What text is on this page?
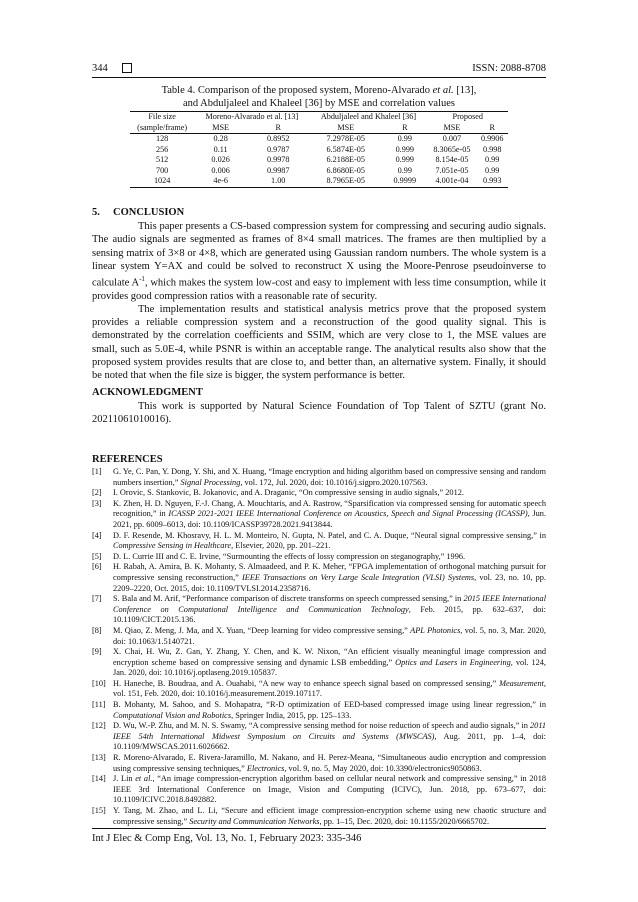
344	ISSN: 2088-8708

Table 4. Comparison of the proposed system, Moreno-Alvarado et al. [13],
and Abduljaleel and Khaleel [36] by MSE and correlation values

File size	Moreno-Alvarado et al. [13]		Abduljaleel and Khaleel [36]		Proposed	
(sample/frame)	MSE	R	MSE	R	MSE	R
128	0.28	0.8952	7.2978E-05	0.99	0.007	0.9906
256	0.11	0.9787	6.5874E-05	0.999	8.3065e-05	0.998
512	0.026	0.9978	6.2188E-05	0.999	8.154e-05	0.99
700	0.006	0.9987	6.8680E-05	0.99	7.051e-05	0.99
1024	4e-6	1.00	8.7965E-05	0.9999	4.001e-04	0.993
5.     CONCLUSION

This paper presents a CS-based compression system for compressing and securing audio signals. The audio signals are segmented as frames of 8×4 small matrices. The frames are then multiplied by a sensing matrix of 3×8 or 4×8, which are generated using Gaussian random numbers. The whole system is a linear system Y=AX and could be solved to reconstruct X using the Moore-Penrose pseudoinverse to calculate $A^{-1}$, which makes the system low-cost and easy to implement with less time consumption, while it provides good compression ratios with a reasonable rate of security.

The implementation results and statistical analysis metrics prove that the proposed system provides a reliable compression system and a reconstruction of the good quality signal. This is demonstrated by the correlation coefficients and SSIM, which are very close to 1, the MSE values are small, such as 5.0E-4, while PSNR is within an acceptable range. The analytical results also show that the proposed system provides results that are close to, and better than, an alternative system. Finally, it should be noted that when the file size is bigger, the system performance is better.

ACKNOWLEDGMENT

This work is supported by Natural Science Foundation of Top Talent of SZTU (grant No. 20211061010016).

REFERENCES
[1]	G. Ye, C. Pan, Y. Dong, Y. Shi, and X. Huang, “Image encryption and hiding algorithm based on compressive sensing and random numbers insertion,” Signal Processing, vol. 172, Jul. 2020, doi: 10.1016/j.sigpro.2020.107563.
[2]	I. Orovic, S. Stankovic, B. Jokanovic, and A. Draganic, “On compressive sensing in audio signals,” 2012.
[3]	K. Zhen, H. D. Nguyen, F.-J. Chang, A. Mouchtaris, and A. Rastrow, “Sparsification via compressed sensing for automatic speech recognition,” in ICASSP 2021-2021 IEEE International Conference on Acoustics, Speech and Signal Processing (ICASSP), Jun. 2021, pp. 6009–6013, doi: 10.1109/ICASSP39728.2021.9413844.
[4]	D. F. Resende, M. Khosravy, H. L. M. Monteiro, N. Gupta, N. Patel, and C. A. Duque, “Neural signal compressive sensing,” in Compressive Sensing in Healthcare, Elsevier, 2020, pp. 201–221.
[5]	D. L. Currie III and C. E. Irvine, “Surmounting the effects of lossy compression on steganography,” 1996.
[6]	H. Rabah, A. Amira, B. K. Mohanty, S. Almaadeed, and P. K. Meher, “FPGA implementation of orthogonal matching pursuit for compressive sensing reconstruction,” IEEE Transactions on Very Large Scale Integration (VLSI) Systems, vol. 23, no. 10, pp. 2209–2220, Oct. 2015, doi: 10.1109/TVLSI.2014.2358716.
[7]	S. Bala and M. Arif, “Performance comparison of discrete transforms on speech compressed sensing,” in 2015 IEEE International Conference on Computational Intelligence and Communication Technology, Feb. 2015, pp. 632–637, doi: 10.1109/CICT.2015.136.
[8]	M. Qiao, Z. Meng, J. Ma, and X. Yuan, “Deep learning for video compressive sensing,” APL Photonics, vol. 5, no. 3, Mar. 2020, doi: 10.1063/1.5140721.
[9]	X. Chai, H. Wu, Z. Gan, Y. Zhang, Y. Chen, and K. W. Nixon, “An efficient visually meaningful image compression and encryption scheme based on compressive sensing and dynamic LSB embedding,” Optics and Lasers in Engineering, vol. 124, Jan. 2020, doi: 10.1016/j.optlaseng.2019.105837.
[10] H. Haneche, B. Boudraa, and A. Ouahabi, “A new way to enhance speech signal based on compressed sensing,” Measurement, vol. 151, Feb. 2020, doi: 10.1016/j.measurement.2019.107117.
[11] B. Mohanty, M. Sahoo, and S. Mohapatra, “R-D optimization of EED-based compressed image using linear regression,” in Computational Vision and Robotics, Springer India, 2015, pp. 125–133.
[12] D. Wu, W.-P. Zhu, and M. N. S. Swamy, “A compressive sensing method for noise reduction of speech and audio signals,” in 2011 IEEE 54th International Midwest Symposium on Circuits and Systems (MWSCAS), Aug. 2011, pp. 1–4, doi: 10.1109/MWSCAS.2011.6026662.
[13] R. Moreno-Alvarado, E. Rivera-Jaramillo, M. Nakano, and H. Perez-Meana, “Simultaneous audio encryption and compression using compressive sensing techniques,” Electronics, vol. 9, no. 5, May 2020, doi: 10.3390/electronics9050863.
[14] J. Lin et al., “An image compression-encryption algorithm based on cellular neural network and compressive sensing,” in 2018 IEEE 3rd International Conference on Image, Vision and Computing (ICIVC), Jun. 2018, pp. 673–677, doi: 10.1109/ICIVC.2018.8492882.
[15] Y. Tang, M. Zhao, and L. Li, “Secure and efficient image compression-encryption scheme using new chaotic structure and compressive sensing,” Security and Communication Networks, pp. 1–15, Dec. 2020, doi: 10.1155/2020/6665702.
Int J Elec & Comp Eng, Vol. 13, No. 1, February 2023: 335-346
